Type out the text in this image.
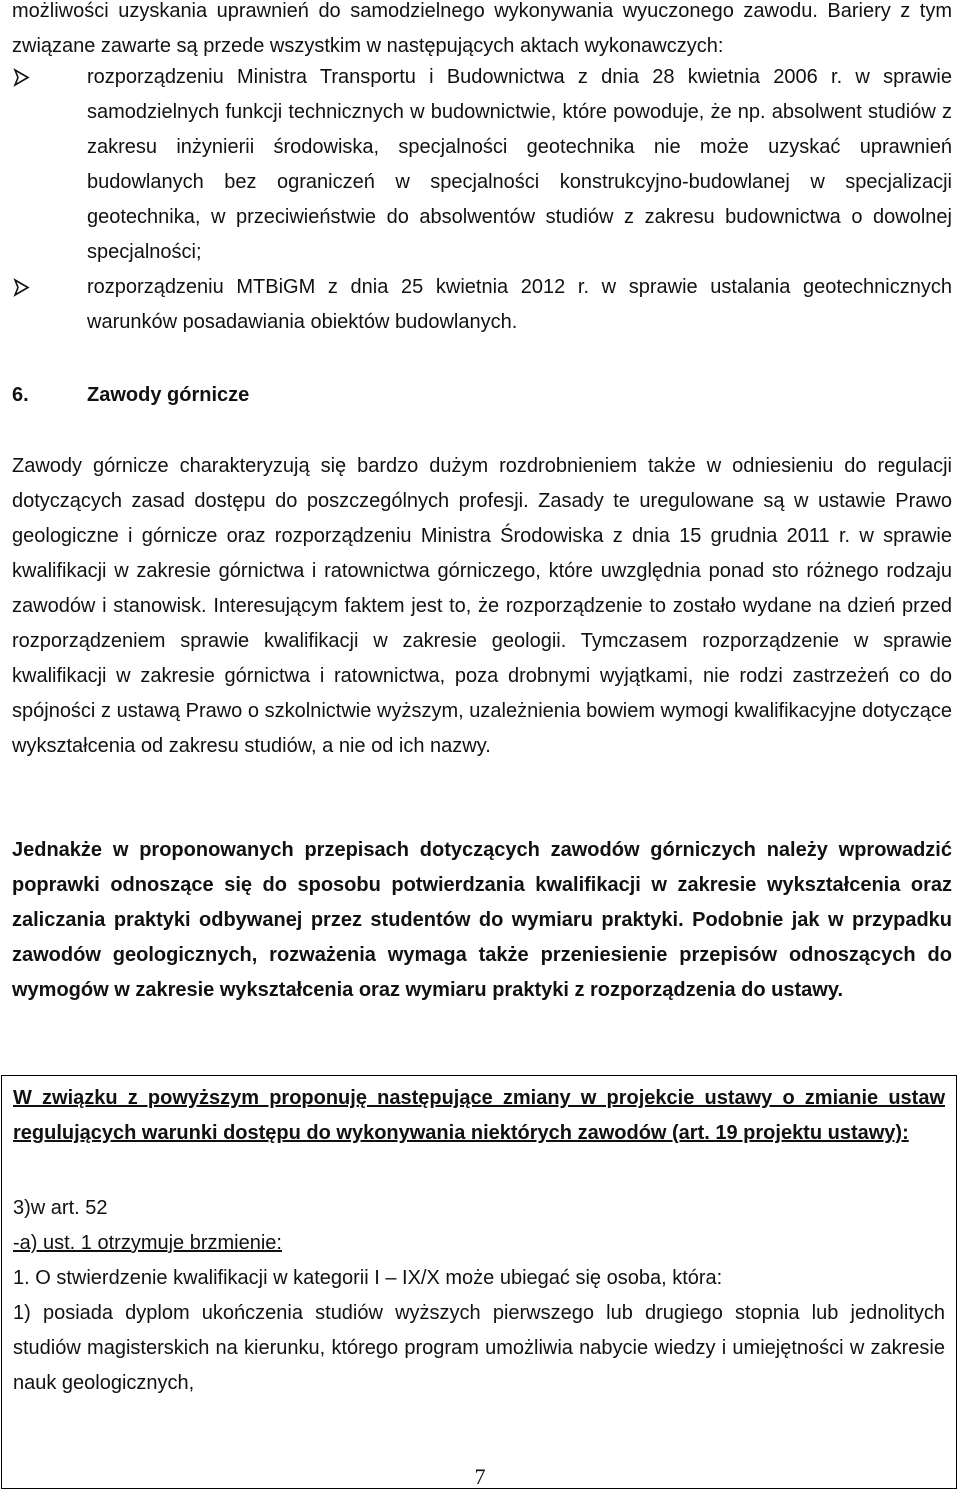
możliwości uzyskania uprawnień do samodzielnego wykonywania wyuczonego zawodu. Bariery z tym związane zawarte są przede wszystkim w następujących aktach wykonawczych:

rozporządzeniu Ministra Transportu i Budownictwa z dnia 28 kwietnia 2006 r. w sprawie samodzielnych funkcji technicznych w budownictwie, które powoduje, że np. absolwent studiów z zakresu inżynierii środowiska, specjalności geotechnika nie może uzyskać uprawnień budowlanych bez ograniczeń w specjalności konstrukcyjno-budowlanej w specjalizacji geotechnika, w przeciwieństwie do absolwentów studiów z zakresu budownictwa o dowolnej specjalności;
rozporządzeniu MTBiGM z dnia 25 kwietnia 2012 r. w sprawie ustalania geotechnicznych warunków posadawiania obiektów budowlanych.
6.	Zawody górnicze

Zawody górnicze charakteryzują się bardzo dużym rozdrobnieniem także w odniesieniu do regulacji dotyczących zasad dostępu do poszczególnych profesji. Zasady te uregulowane są w ustawie Prawo geologiczne i górnicze oraz rozporządzeniu Ministra Środowiska z dnia 15 grudnia 2011 r. w sprawie kwalifikacji w zakresie górnictwa i ratownictwa górniczego, które uwzględnia ponad sto różnego rodzaju zawodów i stanowisk. Interesującym faktem jest to, że rozporządzenie to zostało wydane na dzień przed rozporządzeniem sprawie kwalifikacji w zakresie geologii. Tymczasem rozporządzenie w sprawie kwalifikacji w zakresie górnictwa i ratownictwa, poza drobnymi wyjątkami, nie rodzi zastrzeżeń co do spójności z ustawą Prawo o szkolnictwie wyższym, uzależnienia bowiem wymogi kwalifikacyjne dotyczące wykształcenia od zakresu studiów, a nie od ich nazwy.

Jednakże w proponowanych przepisach dotyczących zawodów górniczych należy wprowadzić poprawki odnoszące się do sposobu potwierdzania kwalifikacji w zakresie wykształcenia oraz zaliczania praktyki odbywanej przez studentów do wymiaru praktyki. Podobnie jak w przypadku zawodów geologicznych, rozważenia wymaga także przeniesienie przepisów odnoszących do wymogów w zakresie wykształcenia oraz wymiaru praktyki z rozporządzenia do ustawy.

W związku z powyższym proponuję następujące zmiany w projekcie ustawy o zmianie ustaw regulujących warunki dostępu do wykonywania niektórych zawodów (art. 19 projektu ustawy):

3)w art. 52

-a) ust. 1 otrzymuje brzmienie:

1. O stwierdzenie kwalifikacji w kategorii I – IX/X może ubiegać się osoba, która:

1) posiada dyplom ukończenia studiów wyższych pierwszego lub drugiego stopnia lub jednolitych studiów magisterskich na kierunku, którego program umożliwia nabycie wiedzy i umiejętności w zakresie nauk geologicznych,

7
